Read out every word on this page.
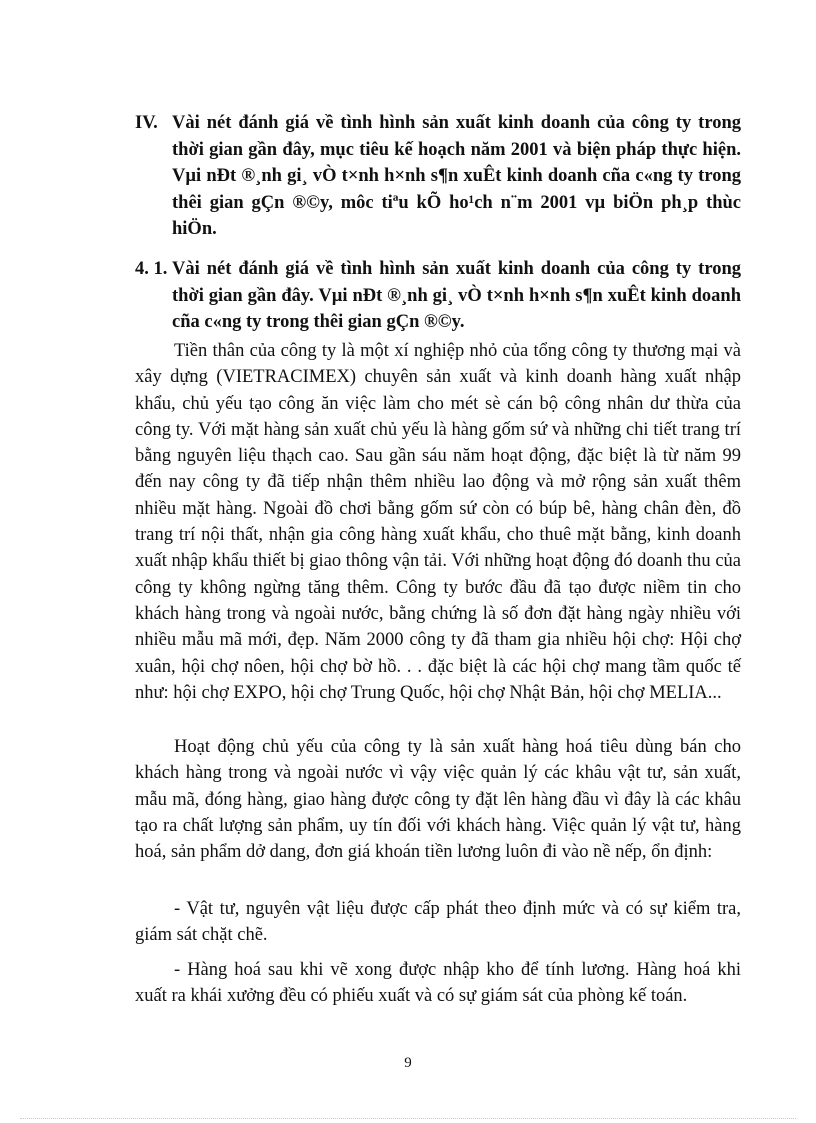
IV. Vài nét đánh giá về tình hình sản xuất kinh doanh của công ty trong thời gian gần đây, mục tiêu kế hoạch năm 2001 và biện pháp thực hiện. Vµi nÐt ®¸nh gi¸ vÒ t×nh h×nh s¶n xuÊt kinh doanh cña c«ng ty trong thêi gian gÇn ®©y, môc tiªu kÕ ho¹ch n¨m 2001 vµ biÖn ph¸p thùc hiÖn.
4. 1. Vài nét đánh giá về tình hình sản xuất kinh doanh của công ty trong thời gian gần đây. Vµi nÐt ®¸nh gi¸ vÒ t×nh h×nh s¶n xuÊt kinh doanh cña c«ng ty trong thêi gian gÇn ®©y.

Tiền thân của công ty là một xí nghiệp nhỏ của tổng công ty thương mại và xây dựng (VIETRACIMEX) chuyên sản xuất và kinh doanh hàng xuất nhập khẩu, chủ yếu tạo công ăn việc làm cho mét sè cán bộ công nhân dư thừa của công ty. Với mặt hàng sản xuất chủ yếu là hàng gốm sứ và những chi tiết trang trí bằng nguyên liệu thạch cao. Sau gần sáu năm hoạt động, đặc biệt là từ năm 99 đến nay công ty đã tiếp nhận thêm nhiều lao động và mở rộng sản xuất thêm nhiều mặt hàng. Ngoài đồ chơi bằng gốm sứ còn có búp bê, hàng chân đèn, đồ trang trí nội thất, nhận gia công hàng xuất khẩu, cho thuê mặt bằng, kinh doanh xuất nhập khẩu thiết bị giao thông vận tải. Với những hoạt động đó doanh thu của công ty không ngừng tăng thêm. Công ty bước đầu đã tạo được niềm tin cho khách hàng trong và ngoài nước, bằng chứng là số đơn đặt hàng ngày nhiều với nhiều mẫu mã mới, đẹp. Năm 2000 công ty đã tham gia nhiều hội chợ: Hội chợ xuân, hội chợ nôen, hội chợ bờ hồ. . . đặc biệt là các hội chợ mang tầm quốc tế như: hội chợ EXPO, hội chợ Trung Quốc, hội chợ Nhật Bản, hội chợ MELIA...

Hoạt động chủ yếu của công ty là sản xuất hàng hoá tiêu dùng bán cho khách hàng trong và ngoài nước vì vậy việc quản lý các khâu vật tư, sản xuất, mẫu mã, đóng hàng, giao hàng được công ty đặt lên hàng đầu vì đây là các khâu tạo ra chất lượng sản phẩm, uy tín đối với khách hàng. Việc quản lý vật tư, hàng hoá, sản phẩm dở dang, đơn giá khoán tiền lương luôn đi vào nề nếp, ổn định:

- Vật tư, nguyên vật liệu được cấp phát theo định mức và có sự kiểm tra, giám sát chặt chẽ.

- Hàng hoá sau khi vẽ xong được nhập kho để tính lương. Hàng hoá khi xuất ra khái xưởng đều có phiếu xuất và có sự giám sát của phòng kế toán.

9
